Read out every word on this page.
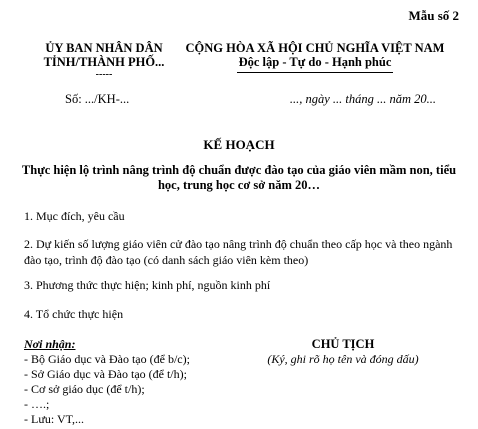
Mẫu số 2
ỦY BAN NHÂN DÂN
TỈNH/THÀNH PHỐ...
-----
CỘNG HÒA XÃ HỘI CHỦ NGHĨA VIỆT NAM
Độc lập - Tự do - Hạnh phúc
Số: .../KH-...	..., ngày ... tháng ... năm 20...
KẾ HOẠCH
Thực hiện lộ trình nâng trình độ chuẩn được đào tạo của giáo viên mầm non, tiểu học, trung học cơ sở năm 20…
1. Mục đích, yêu cầu
2. Dự kiến số lượng giáo viên cử đào tạo nâng trình độ chuẩn theo cấp học và theo ngành đào tạo, trình độ đào tạo (có danh sách giáo viên kèm theo)
3. Phương thức thực hiện; kinh phí, nguồn kinh phí
4. Tổ chức thực hiện
Nơi nhận:
- Bộ Giáo dục và Đào tạo (để b/c);
- Sở Giáo dục và Đào tạo (để t/h);
- Cơ sở giáo dục (để t/h);
- ….;
- Lưu: VT,...
CHỦ TỊCH
(Ký, ghi rõ họ tên và đóng dấu)
